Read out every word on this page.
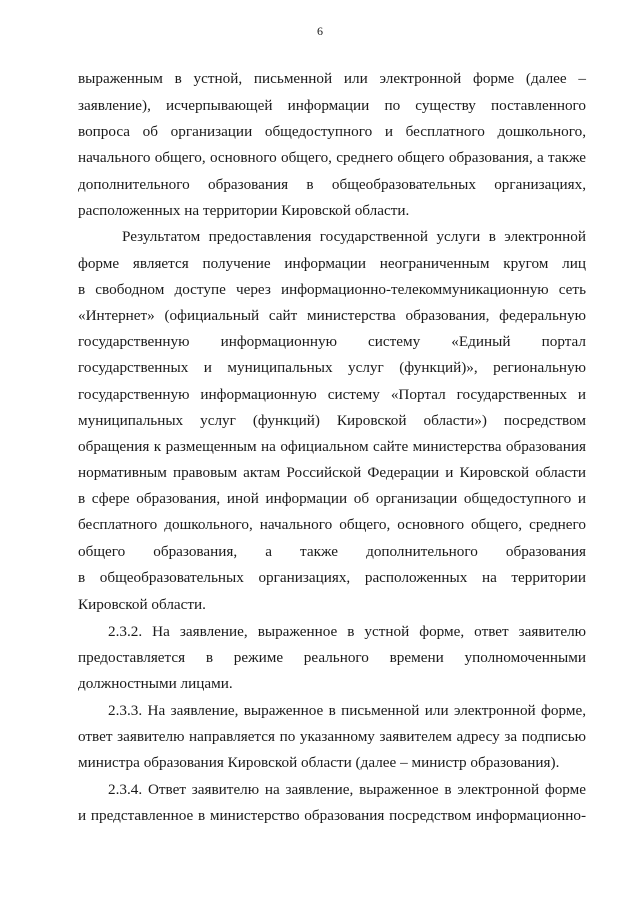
6
выраженным в устной, письменной или электронной форме (далее –
заявление), исчерпывающей информации по существу поставленного
вопроса об организации общедоступного и бесплатного дошкольного,
начального общего, основного общего, среднего общего образования, а также
дополнительного образования в общеобразовательных организациях,
расположенных на территории Кировской области.
Результатом предоставления государственной услуги в электронной
форме является получение информации неограниченным кругом лиц
в свободном доступе через информационно-телекоммуникационную сеть
«Интернет» (официальный сайт министерства образования, федеральную
государственную информационную систему «Единый портал
государственных и муниципальных услуг (функций)», региональную
государственную информационную систему «Портал государственных и
муниципальных услуг (функций) Кировской области») посредством
обращения к размещенным на официальном сайте министерства образования
нормативным правовым актам Российской Федерации и Кировской области
в сфере образования, иной информации об организации общедоступного и
бесплатного дошкольного, начального общего, основного общего, среднего
общего образования, а также дополнительного образования
в общеобразовательных организациях, расположенных на территории
Кировской области.
2.3.2. На заявление, выраженное в устной форме, ответ заявителю
предоставляется в режиме реального времени уполномоченными
должностными лицами.
2.3.3. На заявление, выраженное в письменной или электронной форме,
ответ заявителю направляется по указанному заявителем адресу за подписью
министра образования Кировской области (далее – министр образования).
2.3.4. Ответ заявителю на заявление, выраженное в электронной форме
и представленное в министерство образования посредством информационно-
